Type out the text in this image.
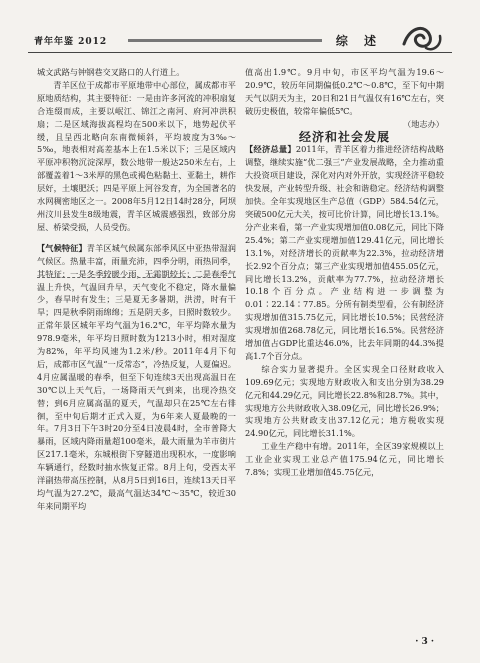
青年年鉴 2012	综 述

城文武路与钟钢巷交叉路口的人行道上。

青羊区位于成都市平原地带中心部位，属成都市平原地质结构，其主要特征：一是由许多河流的冲积扇复合连缀而成，主要以岷江、锦江之南河、府河冲洪积扇；二是区域海拔高程均在500米以下，地势起伏平缓，且呈西北略向东南微倾斜，平均坡度为3‰～5‰，地表相对高差基本上在1.5米以下；三是区域内平原冲积物沉淀深厚，数公地带一般达250米左右，上部覆盖着1～3米厚的黑色或褐色粘黏土、亚黏土，耕作层好，土壤肥沃；四是平原上河谷发育，为全国著名的水网稠密地区之一。2008年5月12日14时28分，阿坝州汶川县发生8级地震，青羊区城震感强烈，致部分房屋、桥梁受损，人员受伤。

【气候特征】青羊区城气候属东部季风区中亚热带湿润气候区。热量丰富，雨量充沛，四季分明，雨热同季，其特征：一是冬季较暖少雨，无霜期较长；二是春季气温上升快，气温回升早，天气变化不稳定，降水量偏少，春旱时有发生；三是夏无多暑期，洪涝，时有干旱；四是秋季阴雨绵绵；五是阴天多，日照时数较少。正常年景区城年平均气温为16.2℃，年平均降水量为978.9毫米，年平均日照时数为1213小时，相对湿度为82%，年平均风速为1.2米/秒。2011年4月下旬后，成都市区气温“一反常态”，冷热反复，人夏偏迟。4月应属温暖的春季，但至下旬连续3天出现高温日在30℃以上天气后，一场降雨天气到来，出现冷热交替；到6月应属高温的夏天，气温却只在25℃左右徘徊，至中旬后期才正式入夏，为6年来人夏最晚的一年。7月3日下午3时20分至4日凌晨4时，全市普降大暴雨，区域内降雨量超100毫米，最大雨量为羊市街片区217.1毫米，东城根街下穿隧道出现积水，一度影响车辆通行，经数时抽水恢复正常。8月上旬，受西太平洋副热带高压控制，从8月5日到16日，连续13天日平均气温为27.2℃，最高气温达34℃～35℃，较近30年来同期平均

值高出1.9℃。9月中旬，市区平均气温为19.6～20.9℃，较历年同期偏低0.2℃～0.8℃，至下旬中期天气以阴天为主，20日和21日气温仅有16℃左右，突破历史极值，较常年偏低5℃。

（地志办）

经济和社会发展

【经济总量】2011年，青羊区着力推进经济结构战略调整，继续实施“优二强三”产业发展战略，全力推动重大投资项目建设，深化对内对外开放，实现经济平稳较快发展，产业转型升级、社会和谐稳定。经济结构调整加快。全年实现地区生产总值（GDP）584.54亿元，突破500亿元大关，按可比价计算，同比增长13.1%。分产业来看，第一产业实现增加值0.08亿元，同比下降25.4%；第二产业实现增加值129.41亿元，同比增长13.1%，对经济增长的贡献率为22.3%，拉动经济增长2.92个百分点；第三产业实现增加值455.05亿元，同比增长13.2%，贡献率为77.7%，拉动经济增长10.18个百分点。产业结构进一步调整为0.01∶22.14∶77.85。分所有制类型看，公有制经济实现增加值315.75亿元，同比增长10.5%；民营经济实现增加值268.78亿元，同比增长16.5%。民营经济增加值占GDP比重达46.0%，比去年同期的44.3%提高1.7个百分点。

综合实力显著提升。全区实现全口径财政收入109.69亿元；实现地方财政收入和支出分别为38.29亿元和44.29亿元，同比增长22.8%和28.7%。其中，实现地方公共财政收入38.09亿元，同比增长26.9%；实现地方公共财政支出37.12亿元；地方税收实现24.90亿元，同比增长31.1%。

工业生产稳中有增。2011年，全区39家规模以上工业企业实现工业总产值175.94亿元，同比增长7.8%；实现工业增加值45.75亿元，

· 3 ·
